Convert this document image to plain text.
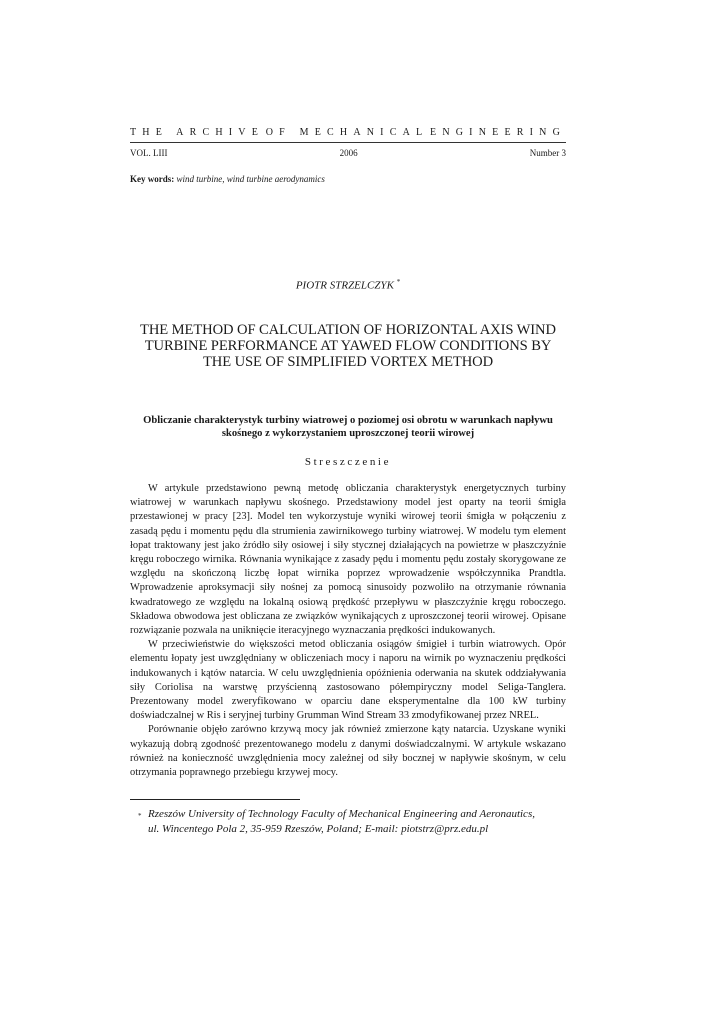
THE ARCHIVE OF MECHANICAL ENGINEERING
VOL. LIII	2006	Number 3
Key words: wind turbine, wind turbine aerodynamics
PIOTR STRZELCZYK *
THE METHOD OF CALCULATION OF HORIZONTAL AXIS WIND
TURBINE PERFORMANCE AT YAWED FLOW CONDITIONS BY
THE USE OF SIMPLIFIED VORTEX METHOD
Obliczanie charakterystyk turbiny wiatrowej o poziomej osi obrotu w warunkach napływu
skośnego z wykorzystaniem uproszczonej teorii wirowej
Streszczenie

W artykule przedstawiono pewną metodę obliczania charakterystyk energetycznych turbiny wiatrowej w warunkach napływu skośnego. Przedstawiony model jest oparty na teorii śmigła przestawionej w pracy [23]. Model ten wykorzystuje wyniki wirowej teorii śmigła w połączeniu z zasadą pędu i momentu pędu dla strumienia zawirnikowego turbiny wiatrowej. W modelu tym element łopat traktowany jest jako źródło siły osiowej i siły stycznej działających na powietrze w płaszczyźnie kręgu roboczego wirnika. Równania wynikające z zasady pędu i momentu pędu zostały skorygowane ze względu na skończoną liczbę łopat wirnika poprzez wprowadzenie współczynnika Prandtla. Wprowadzenie aproksymacji siły nośnej za pomocą sinusoidy pozwoliło na otrzymanie równania kwadratowego ze względu na lokalną osiową prędkość przepływu w płaszczyźnie kręgu roboczego. Składowa obwodowa jest obliczana ze związków wynikających z uproszczonej teorii wirowej. Opisane rozwiązanie pozwala na uniknięcie iteracyjnego wyznaczania prędkości indukowanych.

W przeciwieństwie do większości metod obliczania osiągów śmigieł i turbin wiatrowych. Opór elementu łopaty jest uwzględniany w obliczeniach mocy i naporu na wirnik po wyznaczeniu prędkości indukowanych i kątów natarcia. W celu uwzględnienia opóźnienia oderwania na skutek oddziaływania siły Coriolisa na warstwę przyścienną zastosowano półempiryczny model Seliga-Tanglera. Prezentowany model zweryfikowano w oparciu dane eksperymentalne dla 100 kW turbiny doświadczalnej w Ris i seryjnej turbiny Grumman Wind Stream 33 zmodyfikowanej przez NREL.

Porównanie objęło zarówno krzywą mocy jak również zmierzone kąty natarcia. Uzyskane wyniki wykazują dobrą zgodność prezentowanego modelu z danymi doświadczalnymi. W artykule wskazano również na konieczność uwzględnienia mocy zależnej od siły bocznej w napływie skośnym, w celu otrzymania poprawnego przebiegu krzywej mocy.

* Rzeszów University of Technology Faculty of Mechanical Engineering and Aeronautics,
ul. Wincentego Pola 2, 35-959 Rzeszów, Poland; E-mail: piotstrz@prz.edu.pl
